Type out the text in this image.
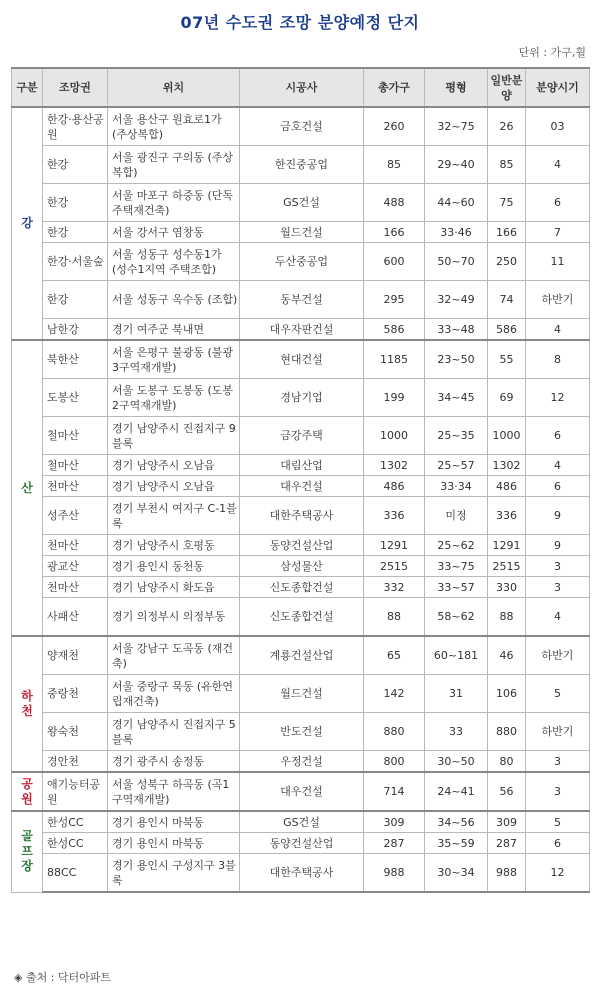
07년 수도권 조망 분양예정 단지
단위 : 가구,휠
구분	조망권	위치	시공사	총가구	평형	일반분양	분양시기
강	한강·용산공원	서울 용산구 원효로1가 (주상복합)	금호건설	260	32~75	26	03
	한강	서울 광진구 구의동 (주상복합)	한진중공업	85	29~40	85	4
	한강	서울 마포구 하중동 (단독주택재건축)	GS건설	488	44~60	75	6
	한강	서울 강서구 염창동	월드건설	166	33·46	166	7
	한강·서울숲	서울 성동구 성수동1가 (성수1지역 주택조합)	두산중공업	600	50~70	250	11
	한강	서울 성동구 옥수동 (조합)	동부건설	295	32~49	74	하반기
	남한강	경기 여주군 북내면	대우자판건설	586	33~48	586	4
산	북한산	서울 은평구 불광동 (불광3구역재개발)	현대건설	1185	23~50	55	8
	도봉산	서울 도봉구 도봉동 (도봉2구역재개발)	경남기업	199	34~45	69	12
	철마산	경기 남양주시 진접지구 9블록	금강주택	1000	25~35	1000	6
	철마산	경기 남양주시 오남읍	대림산업	1302	25~57	1302	4
	천마산	경기 남양주시 오남읍	대우건설	486	33·34	486	6
	성주산	경기 부천시 여지구 C-1블록	대한주택공사	336	미정	336	9
	천마산	경기 남양주시 호평동	동양건설산업	1291	25~62	1291	9
	광교산	경기 용인시 동천동	삼성물산	2515	33~75	2515	3
	천마산	경기 남양주시 화도읍	신도종합건설	332	33~57	330	3
	사패산	경기 의정부시 의정부동	신도종합건설	88	58~62	88	4
하천	양재천	서울 강남구 도곡동 (재건축)	계룡건설산업	65	60~181	46	하반기
	중랑천	서울 중랑구 묵동 (유한연립재건축)	월드건설	142	31	106	5
	왕숙천	경기 남양주시 진접지구 5블록	반도건설	880	33	880	하반기
	경안천	경기 광주시 송정동	우정건설	800	30~50	80	3
공원	애기능터공원	서울 성북구 하곡동 (곡1구역재개발)	대우건설	714	24~41	56	3
골프장	한성CC	경기 용인시 마북동	GS건설	309	34~56	309	5
	한성CC	경기 용인시 마북동	동양건설산업	287	35~59	287	6
	88CC	경기 용인시 구성지구 3블록	대한주택공사	988	30~34	988	12
◈ 출처 : 닥터아파트
